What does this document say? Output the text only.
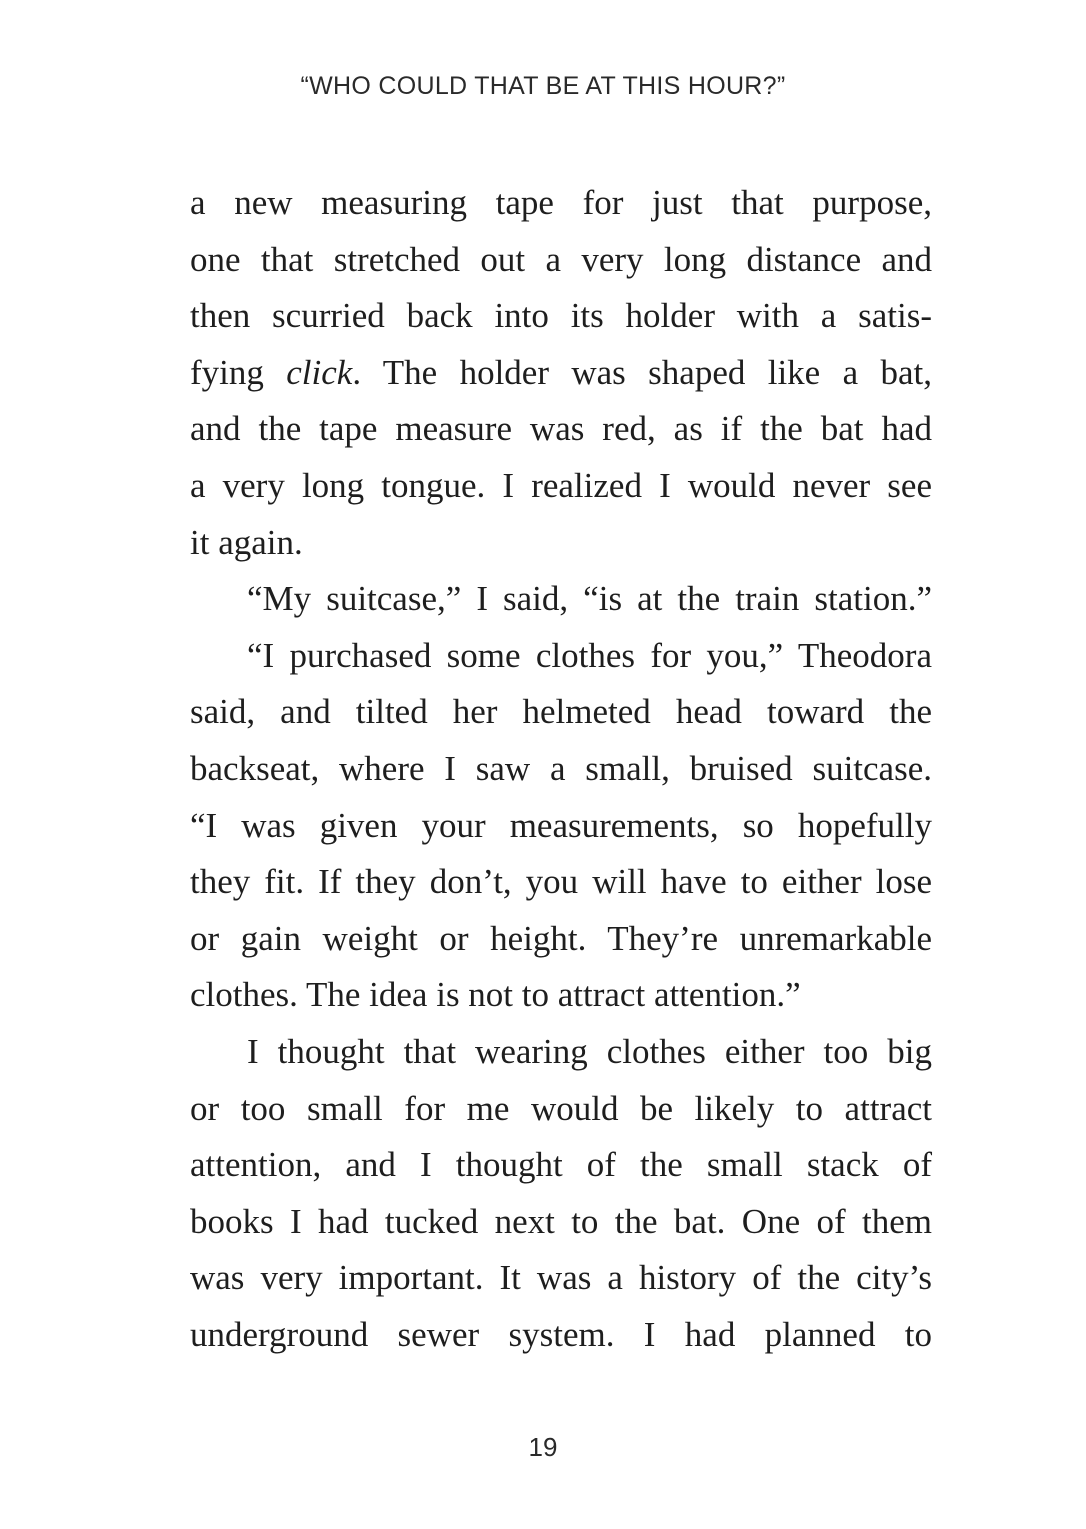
“WHO COULD THAT BE AT THIS HOUR?”
a new measuring tape for just that purpose,
one that stretched out a very long distance and
then scurried back into its holder with a satis-
fying click. The holder was shaped like a bat,
and the tape measure was red, as if the bat had
a very long tongue. I realized I would never see
it again.
“My suitcase,” I said, “is at the train station.”
“I purchased some clothes for you,” Theodora
said, and tilted her helmeted head toward the
backseat, where I saw a small, bruised suitcase.
“I was given your measurements, so hopefully
they fit. If they don’t, you will have to either lose
or gain weight or height. They’re unremarkable
clothes. The idea is not to attract attention.”
I thought that wearing clothes either too big
or too small for me would be likely to attract
attention, and I thought of the small stack of
books I had tucked next to the bat. One of them
was very important. It was a history of the city’s
underground sewer system. I had planned to
19
